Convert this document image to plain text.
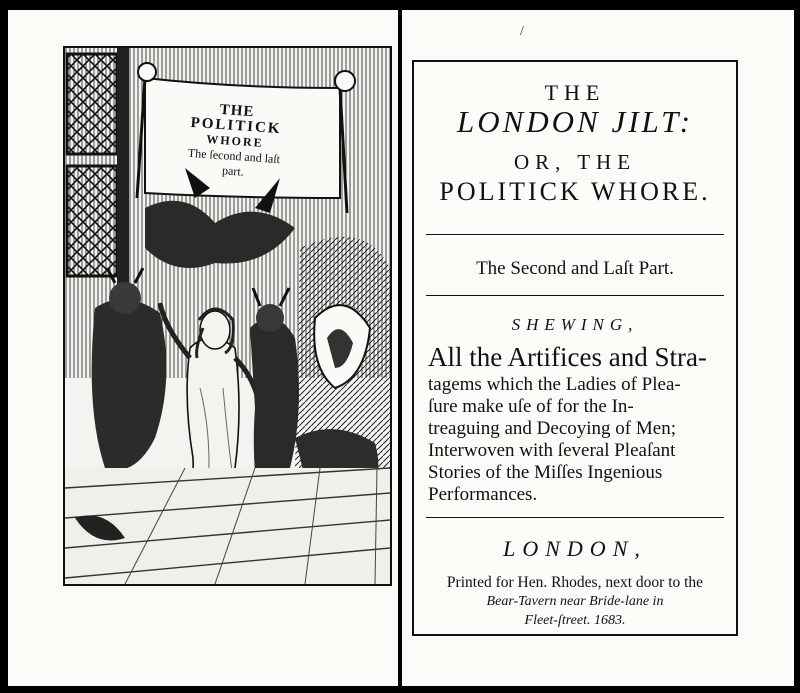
THE
POLITICK
WHORE
The ſecond and laſt
part.
/
THE
LONDON JILT:
OR, THE
POLITICK WHORE.
The Second and Laſt Part.
SHEWING,
All the Artifices and Stra-
tagems which the Ladies of Plea-
ſure make uſe of for the In-
treaguing and Decoying of Men;
Interwoven with ſeveral Pleaſant
Stories of the Miſſes Ingenious
Performances.
LONDON,
Printed for Hen. Rhodes, next door to the
Bear-Tavern near Bride-lane in
Fleet-ſtreet. 1683.
